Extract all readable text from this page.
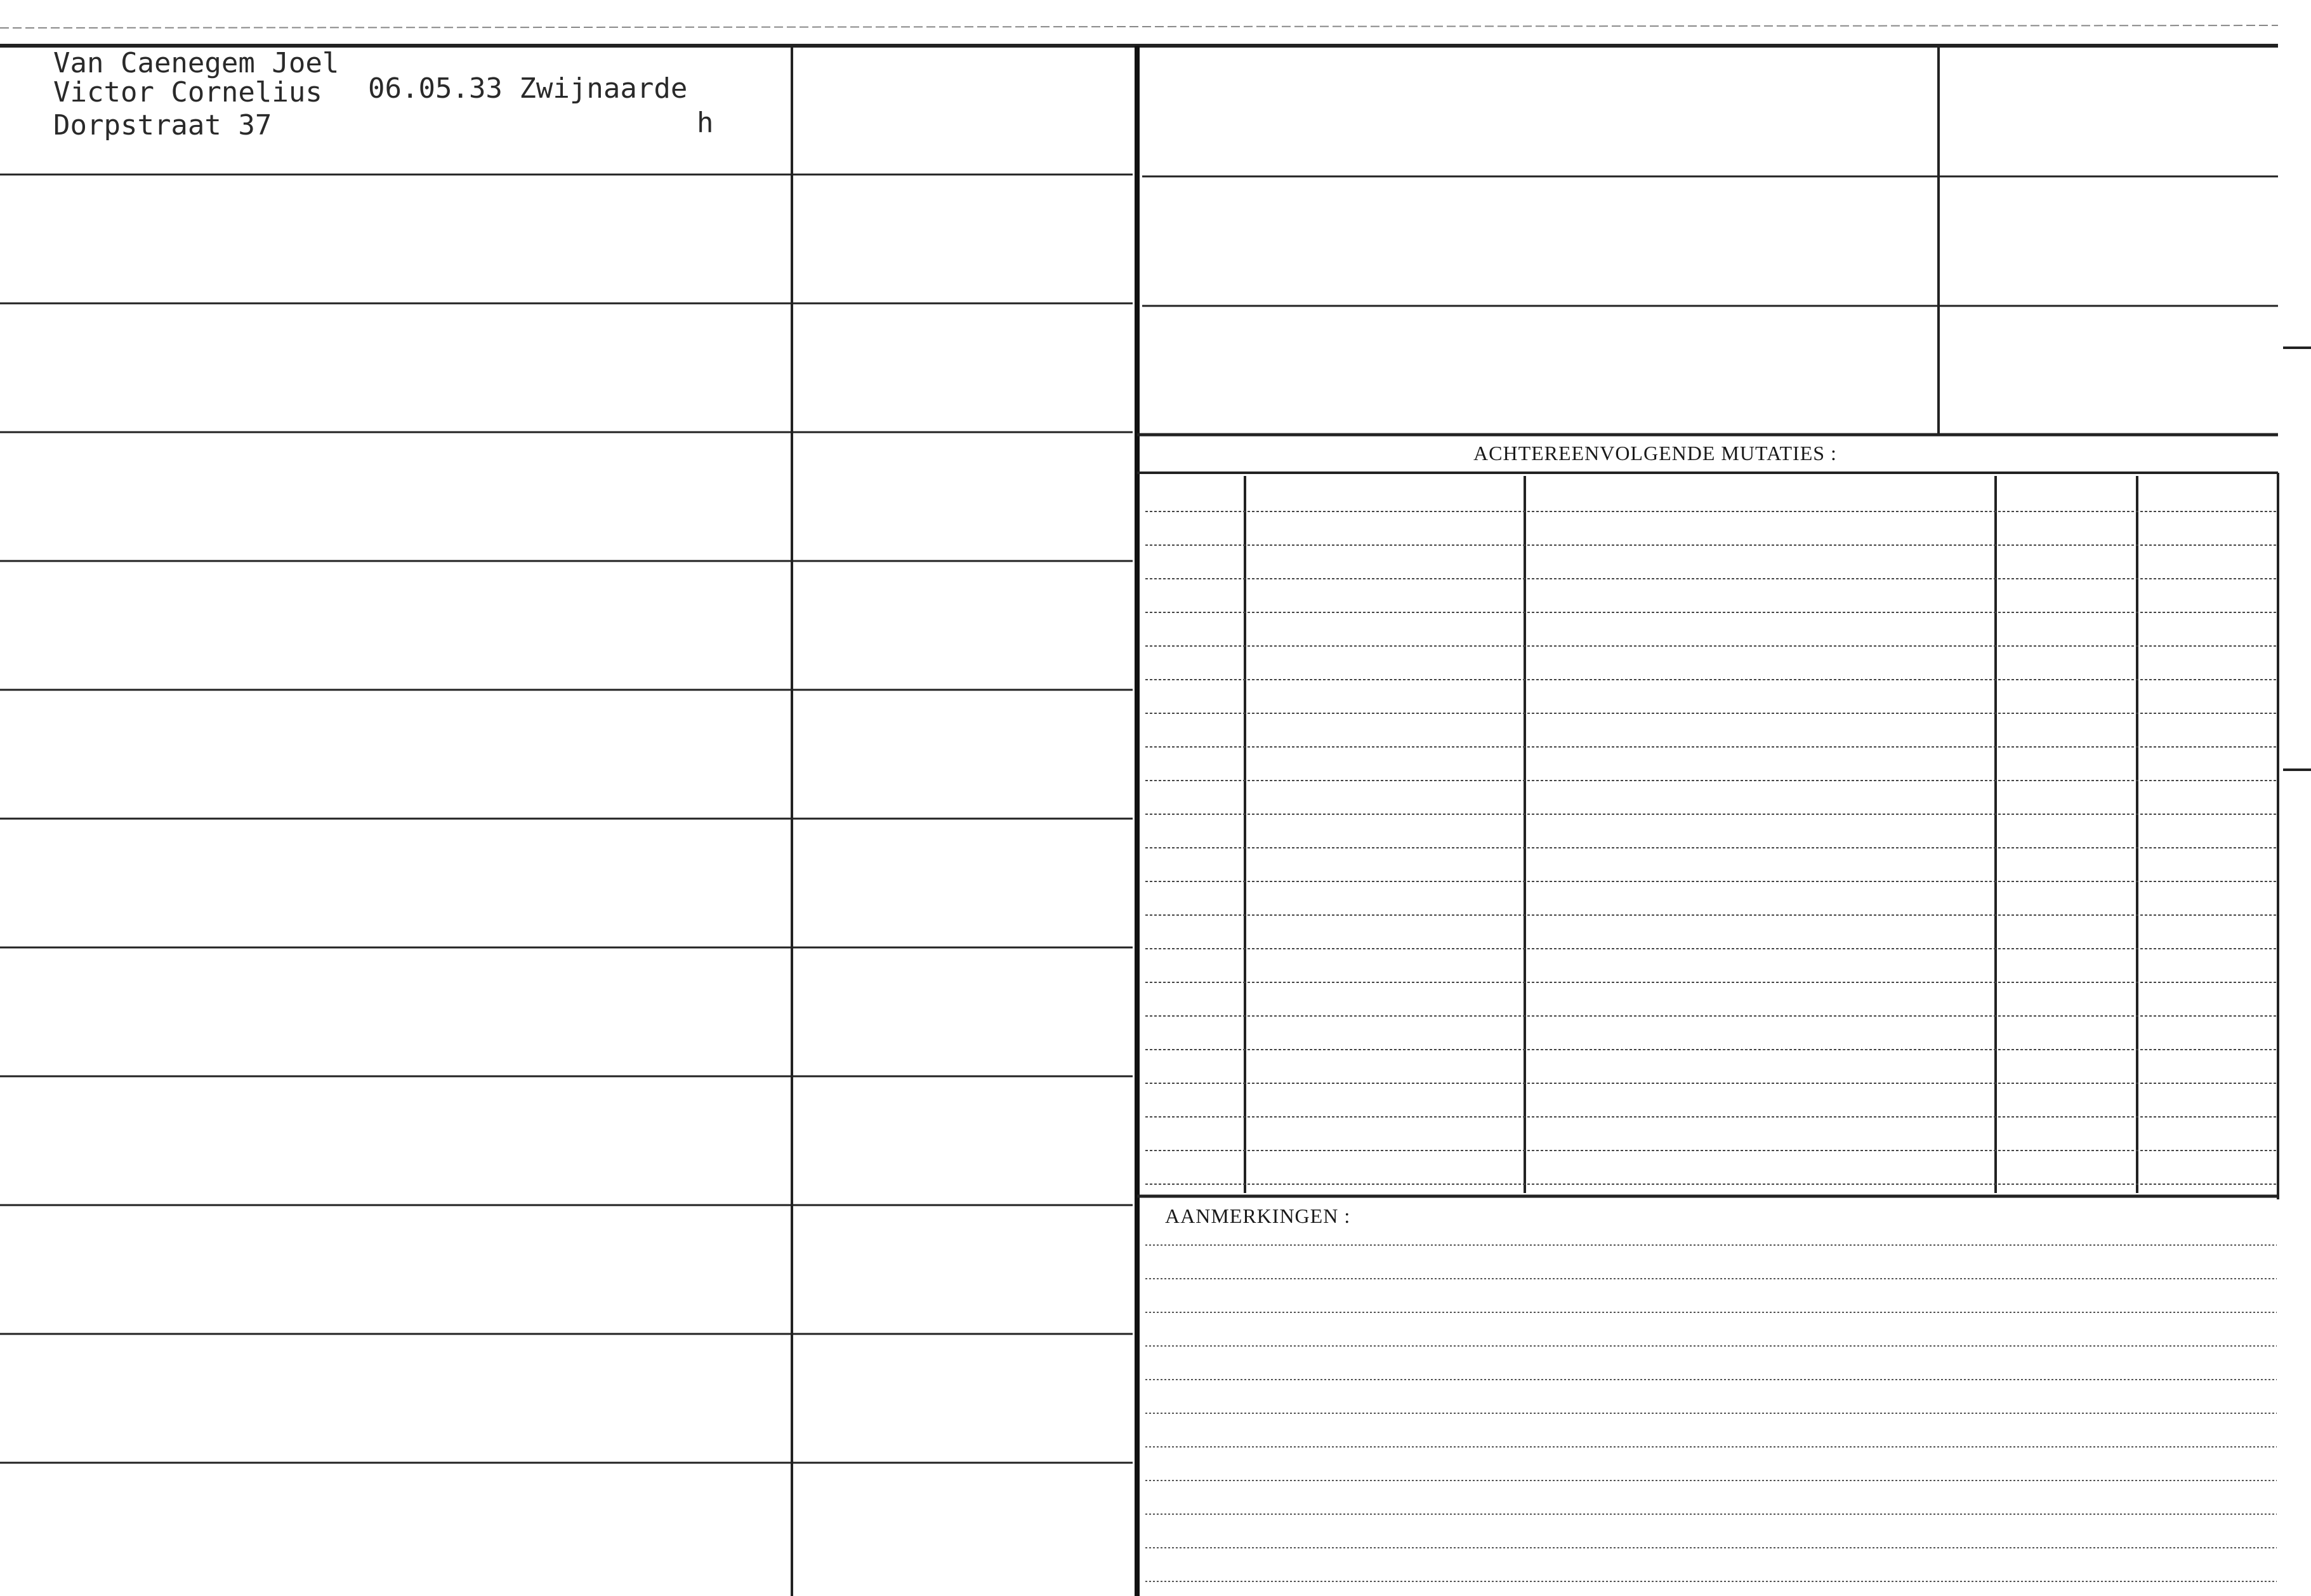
Van Caenegem Joel
Victor Cornelius 06.05.33 Zwijnaarde
Dorpstraat 37	h
ACHTEREENVOLGENDE MUTATIES :
AANMERKINGEN :
